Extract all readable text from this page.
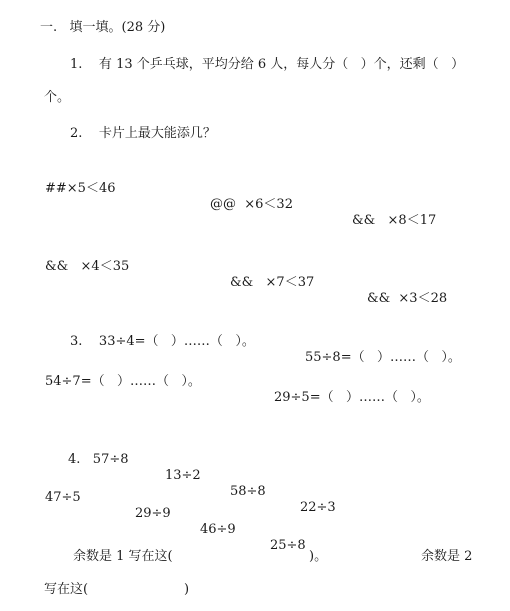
一.   填一填。(28 分)
1.    有 13 个乒乓球，平均分给 6 人，每人分（   ）个，还剩（   ）
个。
2.    卡片上最大能添几？

##×5＜46

@@  ×6＜32

&&   ×8＜17

&&   ×4＜35

&&   ×7＜37

&&  ×3＜28

3.    33÷4=（   ）……（   ）。

55÷8=（   ）……（   ）。

54÷7=（   ）……（   ）。

29÷5=（   ）……（   ）。

4.   57÷8

13÷2

58÷8

22÷3

47÷5

29÷9

46÷9

25÷8

余数是 1 写在这(	)。	余数是 2
写在这(	)
